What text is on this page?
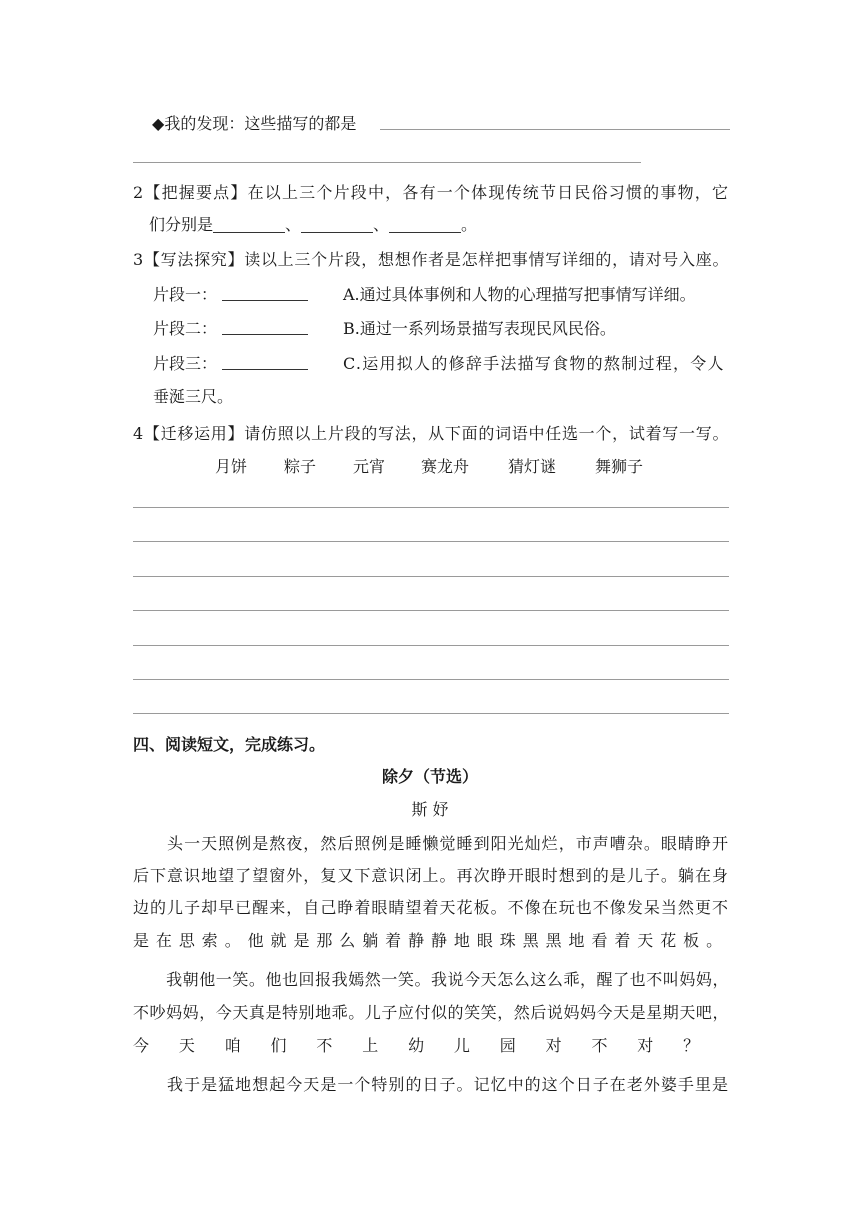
◆我的发现：这些描写的都是
2【把握要点】在以上三个片段中，各有一个体现传统节日民俗习惯的事物，它
们分别是	、	、	。
3【写法探究】读以上三个片段，想想作者是怎样把事情写详细的，请对号入座。
片段一：	A.通过具体事例和人物的心理描写把事情写详细。
片段二：	B.通过一系列场景描写表现民风民俗。
片段三：	C.运用拟人的修辞手法描写食物的熬制过程，令人
垂涎三尺。
4【迁移运用】请仿照以上片段的写法，从下面的词语中任选一个，试着写一写。
月饼 粽子 元宵 赛龙舟 猜灯谜 舞狮子
四、阅读短文，完成练习。
除夕（节选）
斯 妤
　　头一天照例是熬夜，然后照例是睡懒觉睡到阳光灿烂，市声嘈杂。眼睛睁开
后下意识地望了望窗外，复又下意识闭上。再次睁开眼时想到的是儿子。躺在身
边的儿子却早已醒来，自己睁着眼睛望着天花板。不像在玩也不像发呆当然更不
是在思索。他就是那么躺着静静地眼珠黑黑地看着天花板。
　　我朝他一笑。他也回报我嫣然一笑。我说今天怎么这么乖，醒了也不叫妈妈，
不吵妈妈，今天真是特别地乖。儿子应付似的笑笑，然后说妈妈今天是星期天吧，
今天咱们不上幼儿园对不对？
　　我于是猛地想起今天是一个特别的日子。记忆中的这个日子在老外婆手里是
